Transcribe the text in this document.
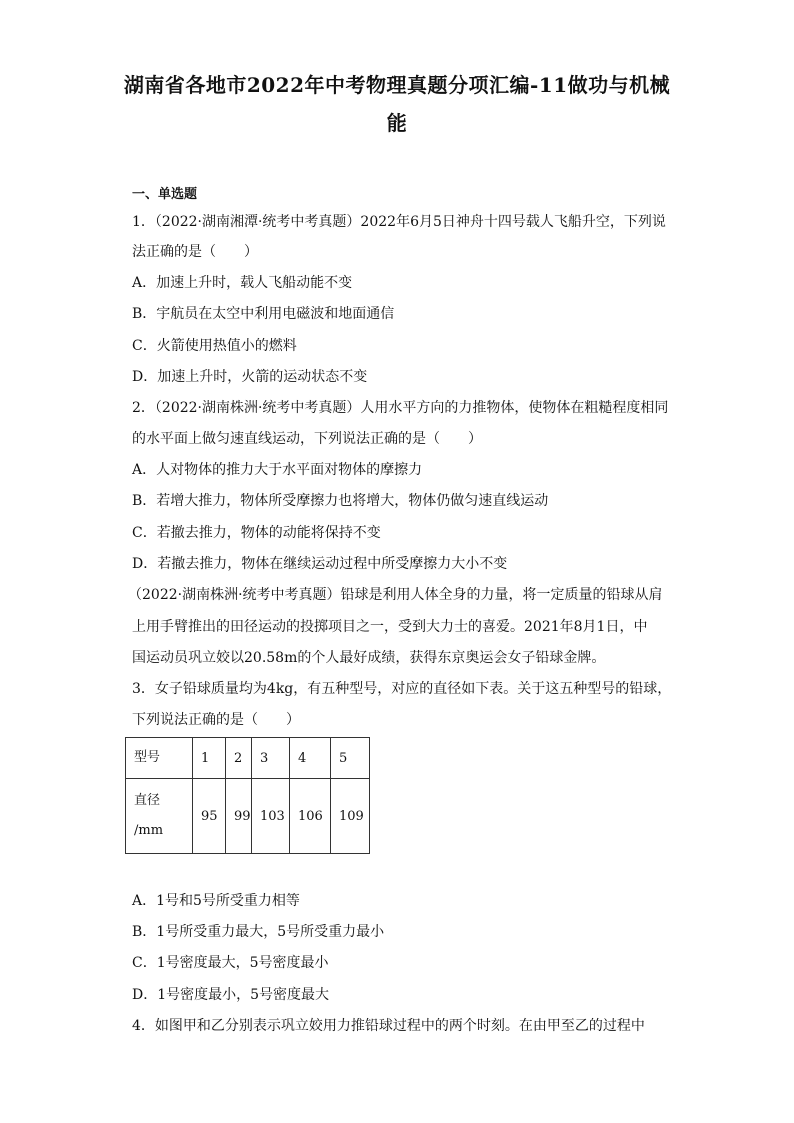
湖南省各地市2022年中考物理真题分项汇编-11做功与机械
能
一、单选题
1．（2022·湖南湘潭·统考中考真题）2022年6月5日神舟十四号载人飞船升空，下列说
法正确的是（　　）
A．加速上升时，载人飞船动能不变
B．宇航员在太空中利用电磁波和地面通信
C．火箭使用热值小的燃料
D．加速上升时，火箭的运动状态不变
2．（2022·湖南株洲·统考中考真题）人用水平方向的力推物体，使物体在粗糙程度相同
的水平面上做匀速直线运动，下列说法正确的是（　　）
A．人对物体的推力大于水平面对物体的摩擦力
B．若增大推力，物体所受摩擦力也将增大，物体仍做匀速直线运动
C．若撤去推力，物体的动能将保持不变
D．若撤去推力，物体在继续运动过程中所受摩擦力大小不变
（2022·湖南株洲·统考中考真题）铅球是利用人体全身的力量，将一定质量的铅球从肩
上用手臂推出的田径运动的投掷项目之一，受到大力士的喜爱。2021年8月1日，中
国运动员巩立姣以20.58m的个人最好成绩，获得东京奥运会女子铅球金牌。
3．女子铅球质量均为4kg，有五种型号，对应的直径如下表。关于这五种型号的铅球，
下列说法正确的是（　　）
型号	1	2	3	4	5

直径
/mm	95	99	103	106	109
A．1号和5号所受重力相等
B．1号所受重力最大，5号所受重力最小
C．1号密度最大，5号密度最小
D．1号密度最小，5号密度最大
4．如图甲和乙分别表示巩立姣用力推铅球过程中的两个时刻。在由甲至乙的过程中
